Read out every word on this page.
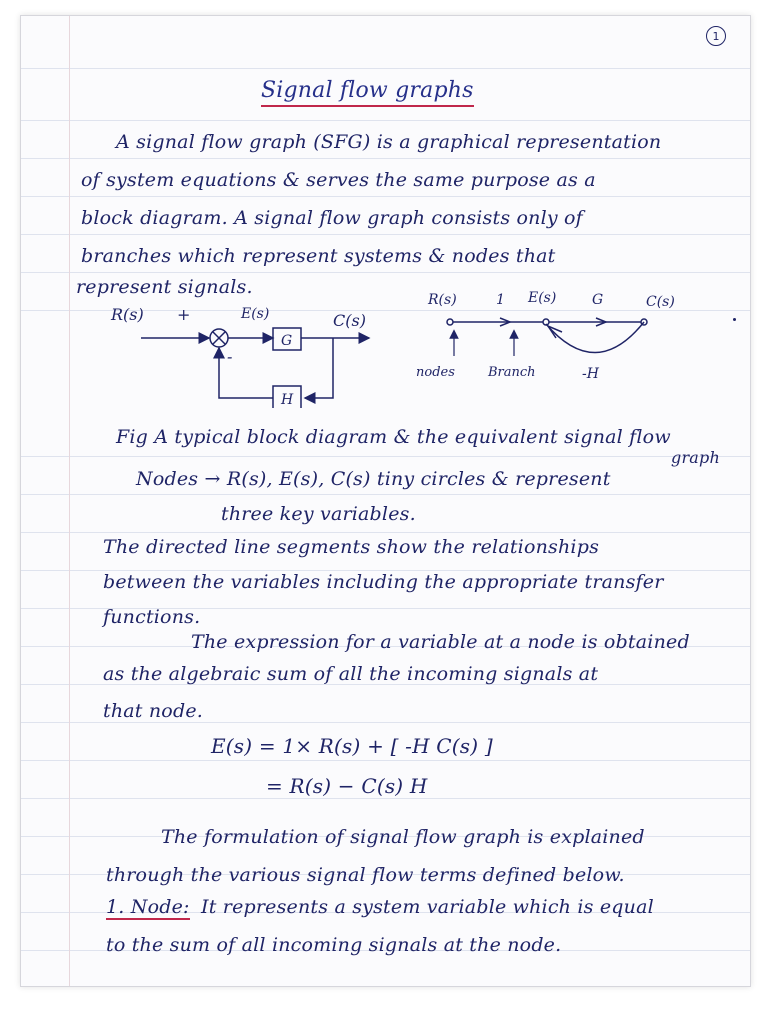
1
Signal flow graphs
A signal flow graph (SFG) is a graphical representation
of system equations & serves the same purpose as a
block diagram. A signal flow graph consists only of
branches which represent systems & nodes that
represent signals.
R(s) +	E(s)	C(s)
-
G
H
R(s)	1 E(s)	G	C(s)
-H
nodes	Branch
Fig A typical block diagram & the equivalent signal flow
graph
Nodes → R(s), E(s), C(s) tiny circles & represent
three key variables.
The directed line segments show the relationships
between the variables including the appropriate transfer
functions.
The expression for a variable at a node is obtained
as the algebraic sum of all the incoming signals at
that node.
E(s) = 1× R(s) + [ -H C(s) ]
= R(s) − C(s) H
The formulation of signal flow graph is explained
through the various signal flow terms defined below.
1. Node: It represents a system variable which is equal
to the sum of all incoming signals at the node.
